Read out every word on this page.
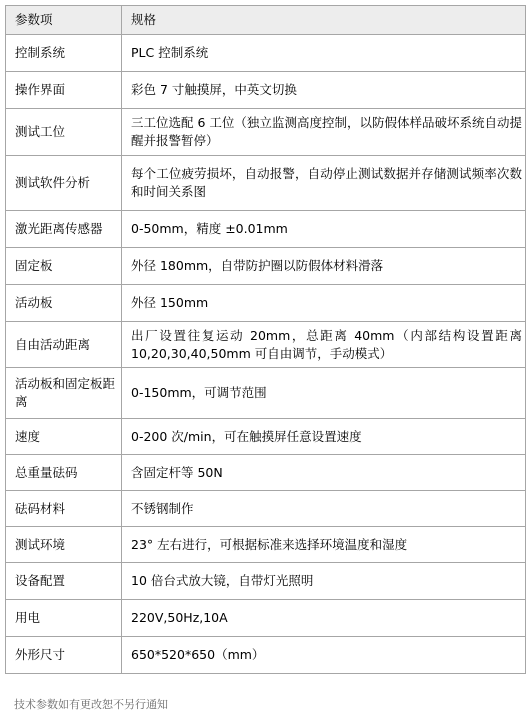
参数项	规格
控制系统	PLC 控制系统
操作界面	彩色 7 寸触摸屏，中英文切换
测试工位	三工位选配 6 工位（独立监测高度控制，以防假体样品破坏系统自动提醒并报警暂停）
测试软件分析	每个工位疲劳损坏，自动报警，自动停止测试数据并存储测试频率次数和时间关系图
激光距离传感器	0-50mm，精度 ±0.01mm
固定板	外径 180mm，自带防护圈以防假体材料滑落
活动板	外径 150mm
自由活动距离	出厂设置往复运动 20mm，总距离 40mm（内部结构设置距离 10,20,30,40,50mm 可自由调节，手动模式）
活动板和固定板距离	0-150mm，可调节范围
速度	0-200 次/min，可在触摸屏任意设置速度
总重量砝码	含固定杆等 50N
砝码材料	不锈钢制作
测试环境	23° 左右进行，可根据标准来选择环境温度和湿度
设备配置	10 倍台式放大镜，自带灯光照明
用电	220V,50Hz,10A
外形尺寸	650*520*650（mm）
技术参数如有更改恕不另行通知
